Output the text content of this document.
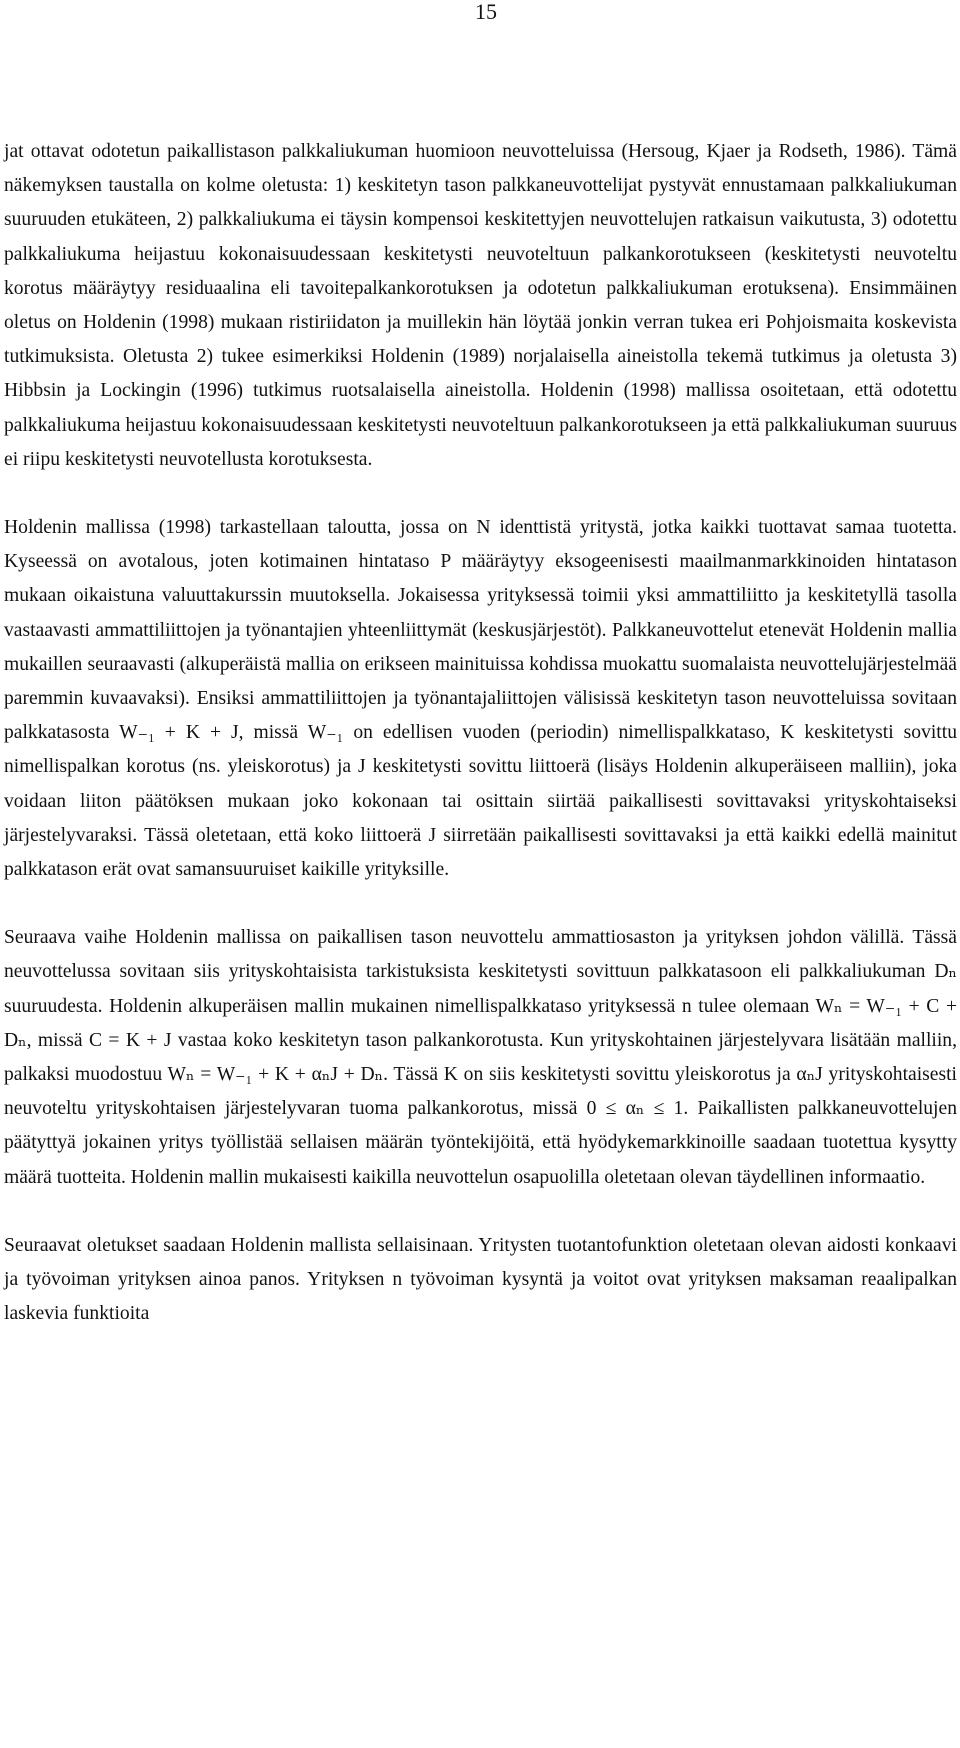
15

jat ottavat odotetun paikallistason palkkaliukuman huomioon neuvotteluissa (Hersoug, Kjaer ja Rodseth, 1986). Tämä näkemyksen taustalla on kolme oletusta: 1) keskitetyn tason palkkaneuvottelijat pystyvät ennustamaan palkkaliukuman suuruuden etukäteen, 2) palkkaliukuma ei täysin kompensoi keskitettyjen neuvottelujen ratkaisun vaikutusta, 3) odotettu palkkaliukuma heijastuu kokonaisuudessaan keskitetysti neuvoteltuun palkankorotukseen (keskitetysti neuvoteltu korotus määräytyy residuaalina eli tavoitepalkankorotuksen ja odotetun palkkaliukuman erotuksena). Ensimmäinen oletus on Holdenin (1998) mukaan ristiriidaton ja muillekin hän löytää jonkin verran tukea eri Pohjoismaita koskevista tutkimuksista. Oletusta 2) tukee esimerkiksi Holdenin (1989) norjalaisella aineistolla tekemä tutkimus ja oletusta 3) Hibbsin ja Lockingin (1996) tutkimus ruotsalaisella aineistolla. Holdenin (1998) mallissa osoitetaan, että odotettu palkkaliukuma heijastuu kokonaisuudessaan keskitetysti neuvoteltuun palkankorotukseen ja että palkkaliukuman suuruus ei riipu keskitetysti neuvotellusta korotuksesta.

Holdenin mallissa (1998) tarkastellaan taloutta, jossa on N identtistä yritystä, jotka kaikki tuottavat samaa tuotetta. Kyseessä on avotalous, joten kotimainen hintataso P määräytyy eksogeenisesti maailmanmarkkinoiden hintatason mukaan oikaistuna valuuttakurssin muutoksella. Jokaisessa yrityksessä toimii yksi ammattiliitto ja keskitetyllä tasolla vastaavasti ammattiliittojen ja työnantajien yhteenliittymät (keskusjärjestöt). Palkkaneuvottelut etenevät Holdenin mallia mukaillen seuraavasti (alkuperäistä mallia on erikseen mainituissa kohdissa muokattu suomalaista neuvottelujärjestelmää paremmin kuvaavaksi). Ensiksi ammattiliittojen ja työnantajaliittojen välisissä keskitetyn tason neuvotteluissa sovitaan palkkatasosta W₋₁ + K + J, missä W₋₁ on edellisen vuoden (periodin) nimellispalkkataso, K keskitetysti sovittu nimellispalkan korotus (ns. yleiskorotus) ja J keskitetysti sovittu liittoerä (lisäys Holdenin alkuperäiseen malliin), joka voidaan liiton päätöksen mukaan joko kokonaan tai osittain siirtää paikallisesti sovittavaksi yrityskohtaiseksi järjestelyvaraksi. Tässä oletetaan, että koko liittoerä J siirretään paikallisesti sovittavaksi ja että kaikki edellä mainitut palkkatason erät ovat samansuuruiset kaikille yrityksille.

Seuraava vaihe Holdenin mallissa on paikallisen tason neuvottelu ammattiosaston ja yrityksen johdon välillä. Tässä neuvottelussa sovitaan siis yrityskohtaisista tarkistuksista keskitetysti sovittuun palkkatasoon eli palkkaliukuman Dₙ suuruudesta. Holdenin alkuperäisen mallin mukainen nimellispalkkataso yrityksessä n tulee olemaan Wₙ = W₋₁ + C + Dₙ, missä C = K + J vastaa koko keskitetyn tason palkankorotusta. Kun yrityskohtainen järjestelyvara lisätään malliin, palkaksi muodostuu Wₙ = W₋₁ + K + αₙJ + Dₙ. Tässä K on siis keskitetysti sovittu yleiskorotus ja αₙJ yrityskohtaisesti neuvoteltu yrityskohtaisen järjestelyvaran tuoma palkankorotus, missä 0 ≤ αₙ ≤ 1. Paikallisten palkkaneuvottelujen päätyttyä jokainen yritys työllistää sellaisen määrän työntekijöitä, että hyödykemarkkinoille saadaan tuotettua kysytty määrä tuotteita. Holdenin mallin mukaisesti kaikilla neuvottelun osapuolilla oletetaan olevan täydellinen informaatio.

Seuraavat oletukset saadaan Holdenin mallista sellaisinaan. Yritysten tuotantofunktion oletetaan olevan aidosti konkaavi ja työvoiman yrityksen ainoa panos. Yrityksen n työvoiman kysyntä ja voitot ovat yrityksen maksaman reaalipalkan laskevia funktioita
